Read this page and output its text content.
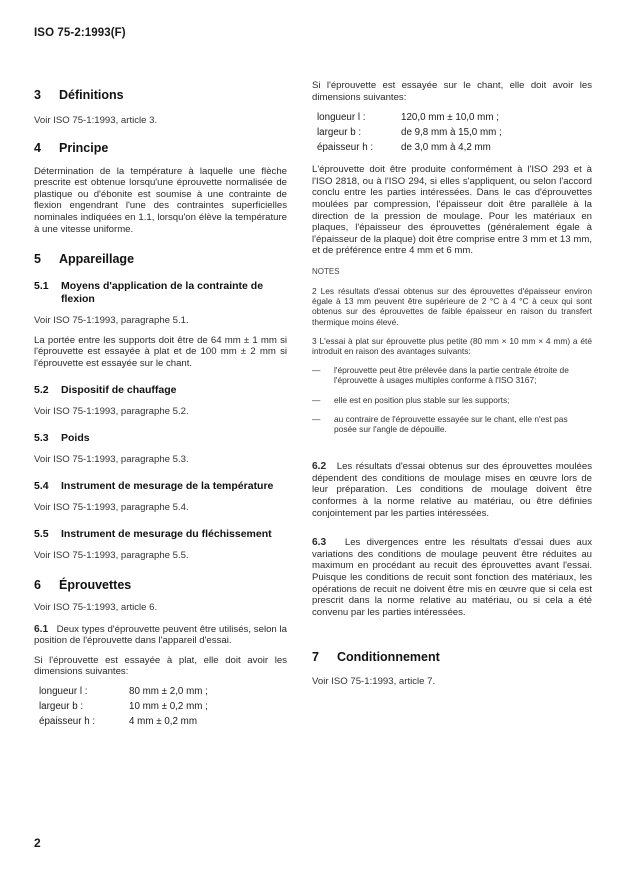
ISO 75-2:1993(F)
3	Définitions

Voir ISO 75-1:1993, article 3.

4	Principe

Détermination de la température à laquelle une flèche prescrite est obtenue lorsqu'une éprouvette normalisée de plastique ou d'ébonite est soumise à une contrainte de flexion engendrant l'une des contraintes superficielles nominales indiquées en 1.1, lorsqu'on élève la température à une vitesse uniforme.

5	Appareillage
5.1	Moyens d'application de la contrainte de flexion

Voir ISO 75-1:1993, paragraphe 5.1.

La portée entre les supports doit être de 64 mm ± 1 mm si l'éprouvette est essayée à plat et de 100 mm ± 2 mm si l'éprouvette est essayée sur le chant.

5.2	Dispositif de chauffage

Voir ISO 75-1:1993, paragraphe 5.2.

5.3	Poids

Voir ISO 75-1:1993, paragraphe 5.3.

5.4	Instrument de mesurage de la température

Voir ISO 75-1:1993, paragraphe 5.4.

5.5	Instrument de mesurage du fléchissement

Voir ISO 75-1:1993, paragraphe 5.5.

6	Éprouvettes

Voir ISO 75-1:1993, article 6.

6.1 Deux types d'éprouvette peuvent être utilisés, selon la position de l'éprouvette dans l'appareil d'essai.

Si l'éprouvette est essayée à plat, elle doit avoir les dimensions suivantes:

longueur l :	80 mm ± 2,0 mm ;
largeur b :	10 mm ± 0,2 mm ;
épaisseur h :	4 mm ± 0,2 mm

Si l'éprouvette est essayée sur le chant, elle doit avoir les dimensions suivantes:

longueur l :	120,0 mm ± 10,0 mm ;
largeur b :	de 9,8 mm à 15,0 mm ;
épaisseur h :	de 3,0 mm à 4,2 mm

L'éprouvette doit être produite conformément à l'ISO 293 et à l'ISO 2818, ou à l'ISO 294, si elles s'appliquent, ou selon l'accord conclu entre les parties intéressées. Dans le cas d'éprouvettes moulées par compression, l'épaisseur doit être parallèle à la direction de la pression de moulage. Pour les matériaux en plaques, l'épaisseur des éprouvettes (généralement égale à l'épaisseur de la plaque) doit être comprise entre 3 mm et 13 mm, et de préférence entre 4 mm et 6 mm.

NOTES

2 Les résultats d'essai obtenus sur des éprouvettes d'épaisseur environ égale à 13 mm peuvent être supérieure de 2 °C à 4 °C à ceux qui sont obtenus sur des éprouvettes de faible épaisseur en raison du transfert thermique moins élevé.

3 L'essai à plat sur éprouvette plus petite (80 mm × 10 mm × 4 mm) a été introduit en raison des avantages suivants:

—	l'éprouvette peut être prélevée dans la partie centrale étroite de l'éprouvette à usages multiples conforme à l'ISO 3167;
—	elle est en position plus stable sur les supports;
—	au contraire de l'éprouvette essayée sur le chant, elle n'est pas posée sur l'angle de dépouille.

6.2 Les résultats d'essai obtenus sur des éprouvettes moulées dépendent des conditions de moulage mises en œuvre lors de leur préparation. Les conditions de moulage doivent être conformes à la norme relative au matériau, ou être définies conjointement par les parties intéressées.

6.3 Les divergences entre les résultats d'essai dues aux variations des conditions de moulage peuvent être réduites au maximum en procédant au recuit des éprouvettes avant l'essai. Puisque les conditions de recuit sont fonction des matériaux, les opérations de recuit ne doivent être mis en œuvre que si cela est prescrit dans la norme relative au matériau, ou si cela a été convenu par les parties intéressées.

7	Conditionnement

Voir ISO 75-1:1993, article 7.

2
